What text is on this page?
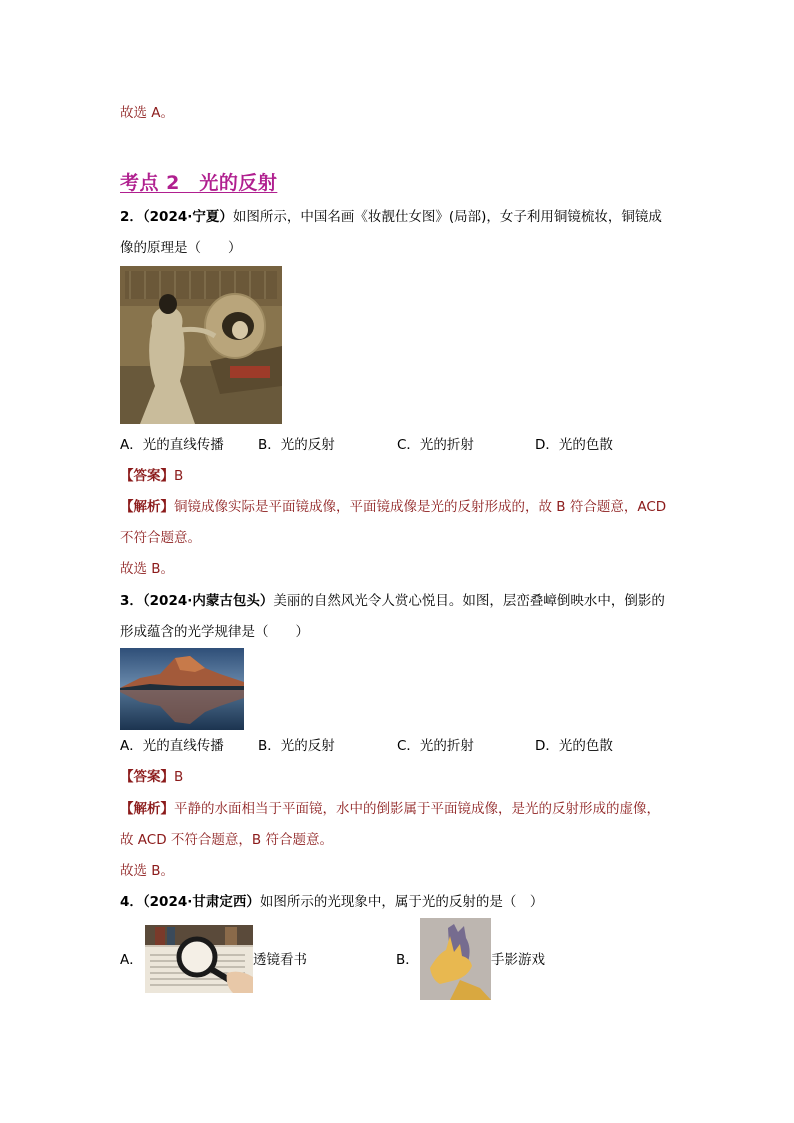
故选 A。
考点 2　光的反射
2．（2024·宁夏）如图所示，中国名画《妆靓仕女图》(局部)，女子利用铜镜梳妆，铜镜成
像的原理是（　　）
A．光的直线传播	B．光的反射	C．光的折射	D．光的色散
【答案】B
【解析】铜镜成像实际是平面镜成像，平面镜成像是光的反射形成的，故 B 符合题意，ACD
不符合题意。
故选 B。
3．（2024·内蒙古包头）美丽的自然风光令人赏心悦目。如图，层峦叠嶂倒映水中，倒影的
形成蕴含的光学规律是（　　）
A．光的直线传播	B．光的反射	C．光的折射	D．光的色散
【答案】B
【解析】平静的水面相当于平面镜，水中的倒影属于平面镜成像，是光的反射形成的虚像，
故 ACD 不符合题意，B 符合题意。
故选 B。
4．（2024·甘肃定西）如图所示的光现象中，属于光的反射的是（　）
A．	透镜看书	B．	手影游戏
